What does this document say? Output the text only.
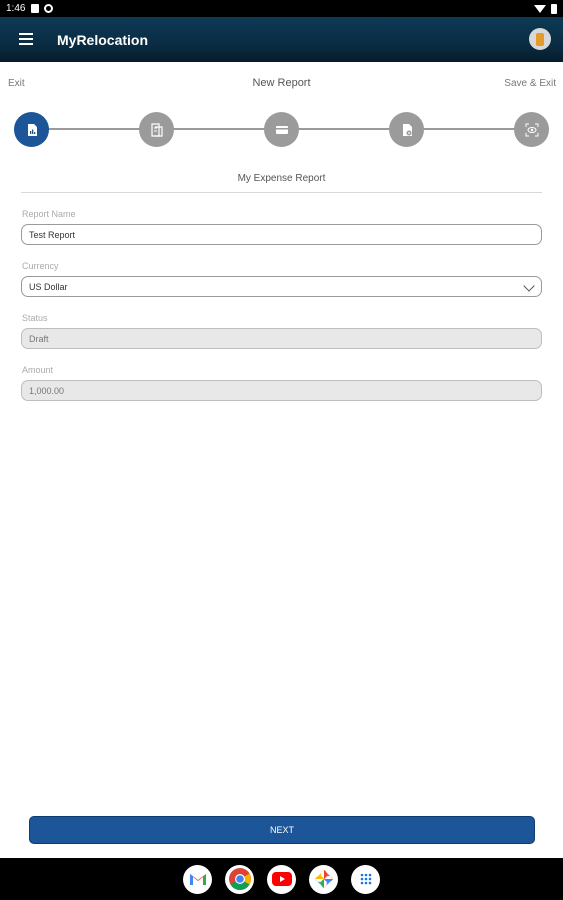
1:46
MyRelocation
Exit	New Report	Save & Exit
My Expense Report
Report Name
Test Report
Currency
US Dollar
Status
Draft
Amount
1,000.00
NEXT
